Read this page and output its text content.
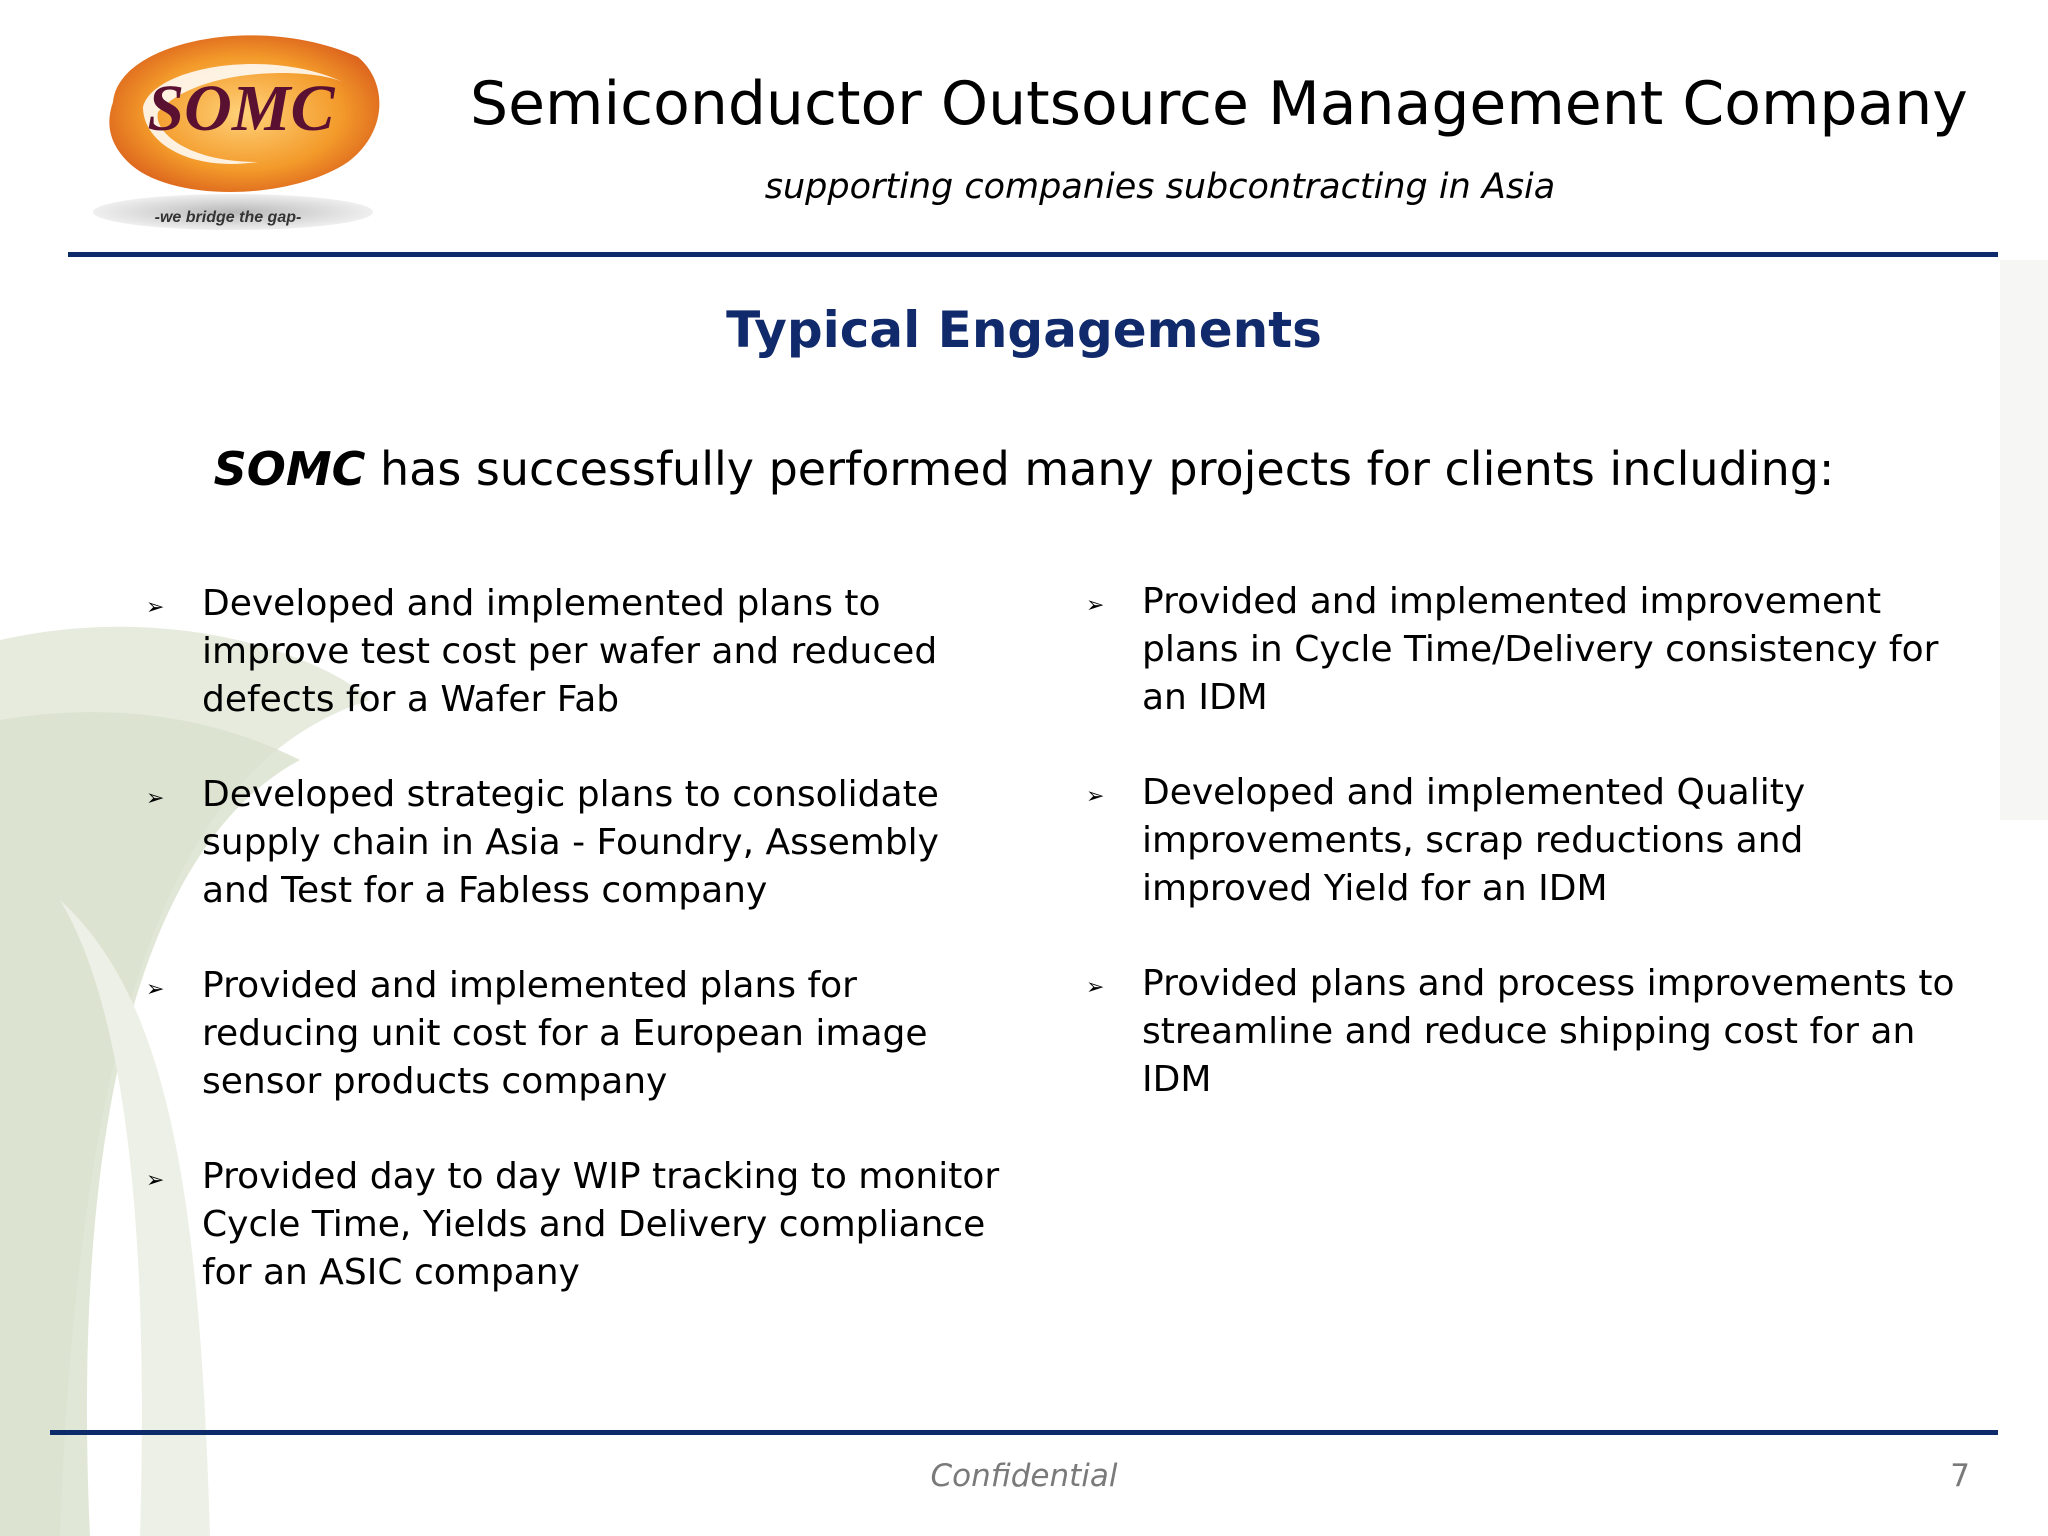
SOMC
-we bridge the gap-
Semiconductor Outsource Management Company
supporting companies subcontracting in Asia
Typical Engagements
SOMC has successfully performed many projects for clients including:
➢ Developed and implemented plans to improve test cost per wafer and reduced defects for a Wafer Fab
➢ Developed strategic plans to consolidate supply chain in Asia - Foundry, Assembly and Test for a Fabless company
➢ Provided and implemented plans for reducing unit cost for a European image sensor products company
➢ Provided day to day WIP tracking to monitor Cycle Time, Yields and Delivery compliance for an ASIC company
➢ Provided and implemented improvement plans in Cycle Time/Delivery consistency for an IDM
➢ Developed and implemented Quality improvements, scrap reductions and improved Yield for an IDM
➢ Provided plans and process improvements to streamline and reduce shipping cost for an IDM
Confidential	7
